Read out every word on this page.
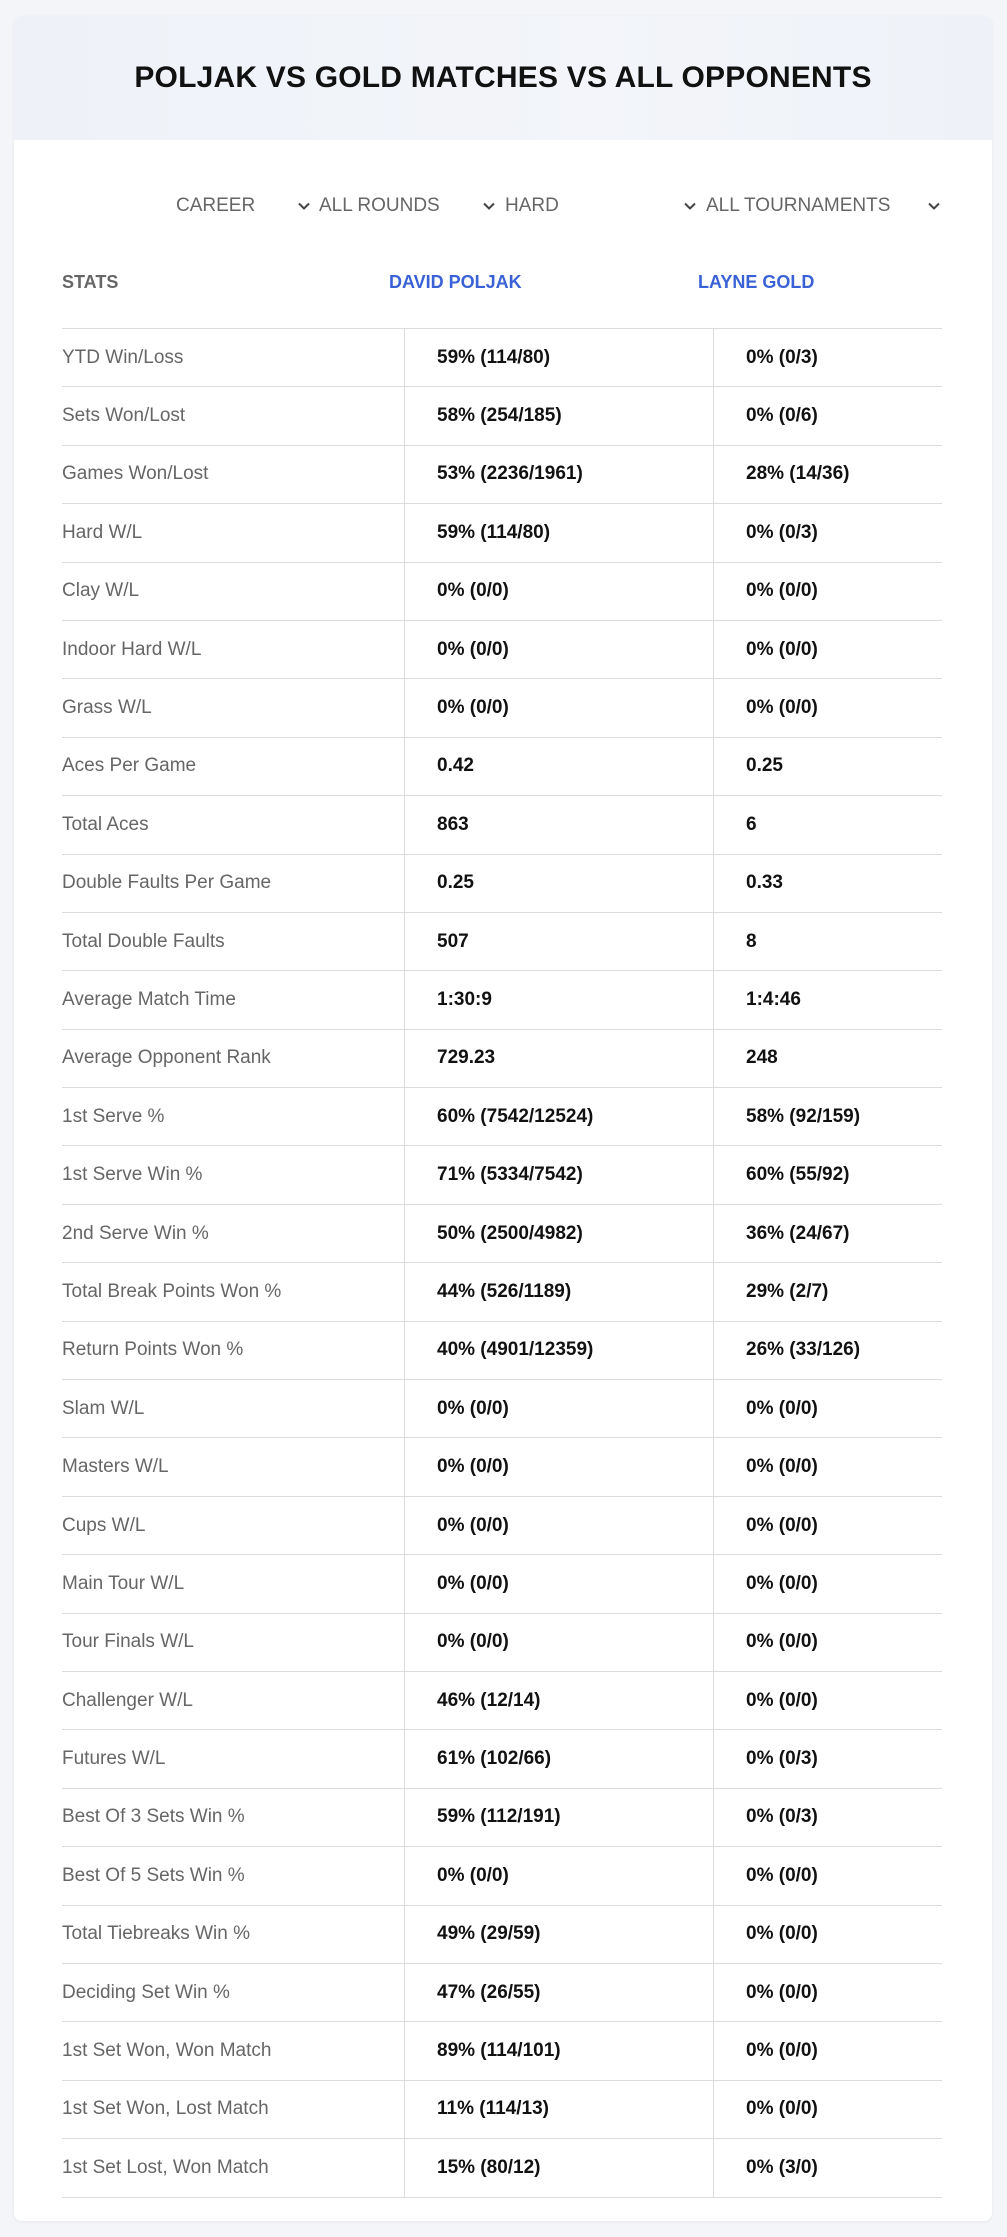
POLJAK VS GOLD MATCHES VS ALL OPPONENTS
CAREER	ALL ROUNDS	HARD	ALL TOURNAMENTS
STATS	DAVID POLJAK	LAYNE GOLD
YTD Win/Loss	59% (114/80)	0% (0/3)
Sets Won/Lost	58% (254/185)	0% (0/6)
Games Won/Lost	53% (2236/1961)	28% (14/36)
Hard W/L	59% (114/80)	0% (0/3)
Clay W/L	0% (0/0)	0% (0/0)
Indoor Hard W/L	0% (0/0)	0% (0/0)
Grass W/L	0% (0/0)	0% (0/0)
Aces Per Game	0.42	0.25
Total Aces	863	6
Double Faults Per Game	0.25	0.33
Total Double Faults	507	8
Average Match Time	1:30:9	1:4:46
Average Opponent Rank	729.23	248
1st Serve %	60% (7542/12524)	58% (92/159)
1st Serve Win %	71% (5334/7542)	60% (55/92)
2nd Serve Win %	50% (2500/4982)	36% (24/67)
Total Break Points Won %	44% (526/1189)	29% (2/7)
Return Points Won %	40% (4901/12359)	26% (33/126)
Slam W/L	0% (0/0)	0% (0/0)
Masters W/L	0% (0/0)	0% (0/0)
Cups W/L	0% (0/0)	0% (0/0)
Main Tour W/L	0% (0/0)	0% (0/0)
Tour Finals W/L	0% (0/0)	0% (0/0)
Challenger W/L	46% (12/14)	0% (0/0)
Futures W/L	61% (102/66)	0% (0/3)
Best Of 3 Sets Win %	59% (112/191)	0% (0/3)
Best Of 5 Sets Win %	0% (0/0)	0% (0/0)
Total Tiebreaks Win %	49% (29/59)	0% (0/0)
Deciding Set Win %	47% (26/55)	0% (0/0)
1st Set Won, Won Match	89% (114/101)	0% (0/0)
1st Set Won, Lost Match	11% (114/13)	0% (0/0)
1st Set Lost, Won Match	15% (80/12)	0% (3/0)
